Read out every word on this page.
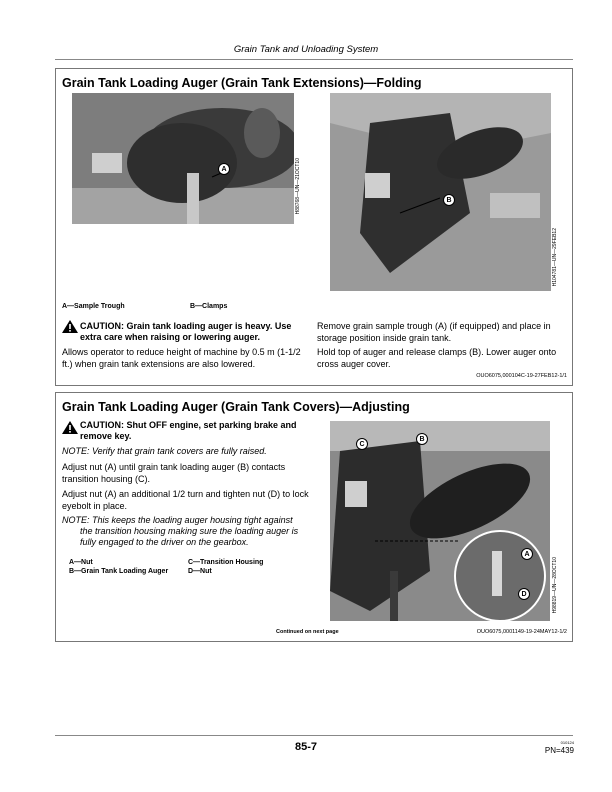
Grain Tank and Unloading System
Grain Tank Loading Auger (Grain Tank Extensions)—Folding
A	H88768—UN—21OCT10	B
H104781—UN—29FEB12
A—Sample Trough	B—Clamps
CAUTION: Grain tank loading auger is heavy. Use extra care when raising or lowering auger.
Allows operator to reduce height of machine by 0.5 m (1-1/2 ft.) when grain tank extensions are also lowered.
Remove grain sample trough (A) (if equipped) and place in storage position inside grain tank.
Hold top of auger and release clamps (B). Lower auger onto cross auger cover.
OUO6075,000104C-19-27FEB12-1/1
Grain Tank Loading Auger (Grain Tank Covers)—Adjusting
CAUTION: Shut OFF engine, set parking brake and remove key.
NOTE: Verify that grain tank covers are fully raised.
Adjust nut (A) until grain tank loading auger (B) contacts transition housing (C).
Adjust nut (A) an additional 1/2 turn and tighten nut (D) to lock eyebolt in place.
NOTE: This keeps the loading auger housing tight against
the transition housing making sure the loading auger is
fully engaged to the driver on the gearbox.
A—Nut
B—Grain Tank Loading Auger
C—Transition Housing
D—Nut
C
B
A
D	H98819—UN—28OCT10
Continued on next page	OUO6075,0001149-19-24MAY12-1/2
85-7	010124
PN=439
